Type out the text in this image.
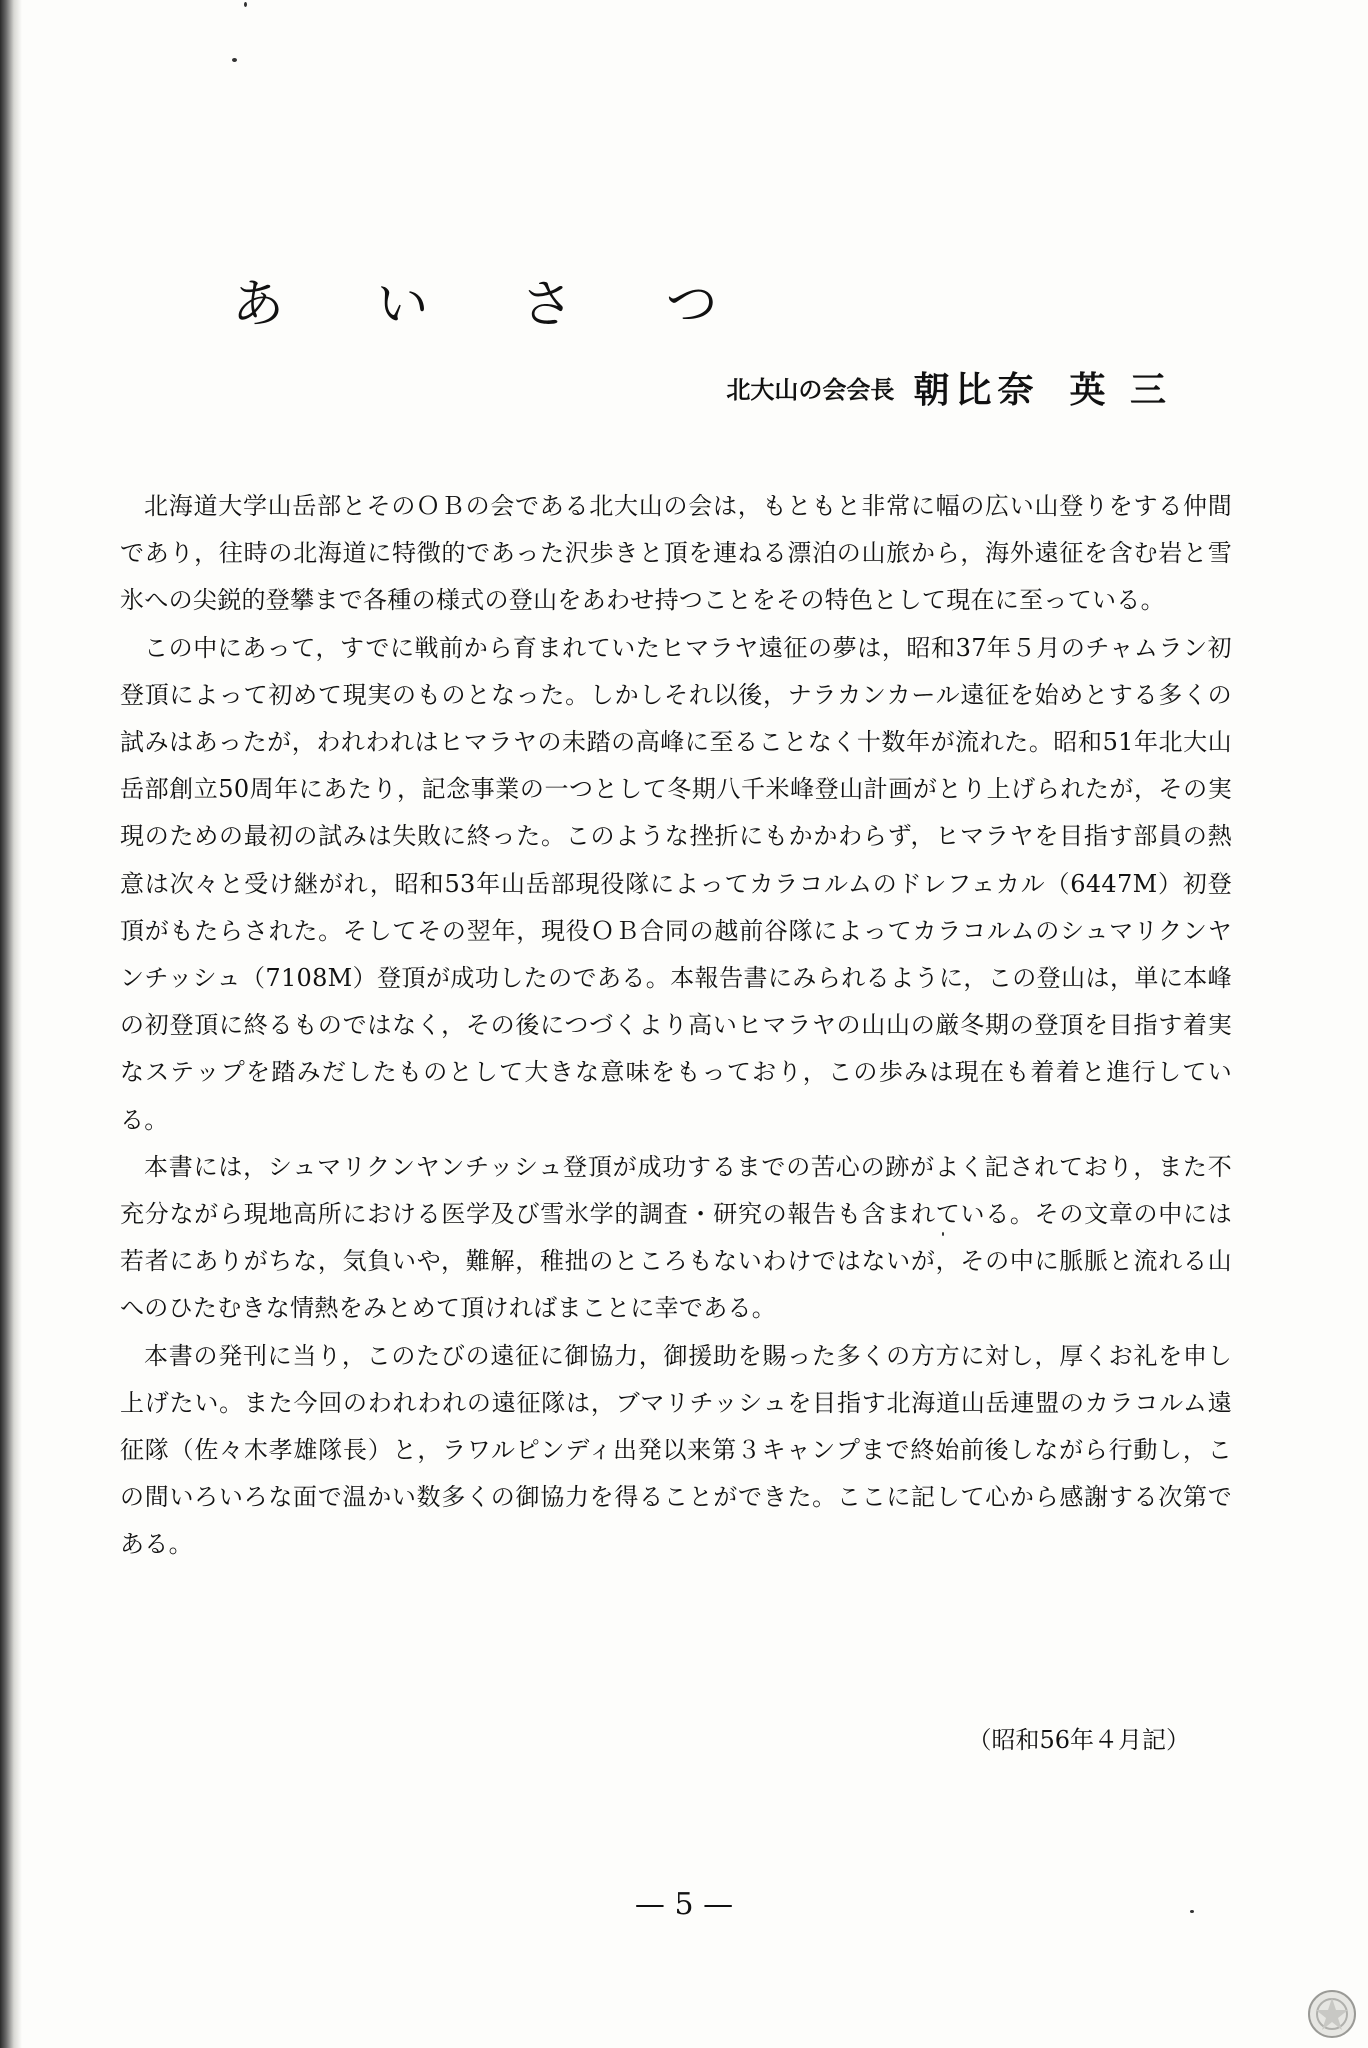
あ い さ つ
北大山の会会長 朝比奈 英 三

北海道大学山岳部とそのＯＢの会である北大山の会は，もともと非常に幅の広い山登りをする仲間であり，往時の北海道に特徴的であった沢歩きと頂を連ねる漂泊の山旅から，海外遠征を含む岩と雪氷への尖鋭的登攀まで各種の様式の登山をあわせ持つことをその特色として現在に至っている。

この中にあって，すでに戦前から育まれていたヒマラヤ遠征の夢は，昭和37年５月のチャムラン初登頂によって初めて現実のものとなった。しかしそれ以後，ナラカンカール遠征を始めとする多くの試みはあったが，われわれはヒマラヤの未踏の高峰に至ることなく十数年が流れた。昭和51年北大山岳部創立50周年にあたり，記念事業の一つとして冬期八千米峰登山計画がとり上げられたが，その実現のための最初の試みは失敗に終った。このような挫折にもかかわらず，ヒマラヤを目指す部員の熱意は次々と受け継がれ，昭和53年山岳部現役隊によってカラコルムのドレフェカル（6447M）初登頂がもたらされた。そしてその翌年，現役ＯＢ合同の越前谷隊によってカラコルムのシュマリクンヤンチッシュ（7108M）登頂が成功したのである。本報告書にみられるように，この登山は，単に本峰の初登頂に終るものではなく，その後につづくより高いヒマラヤの山山の厳冬期の登頂を目指す着実なステップを踏みだしたものとして大きな意味をもっており，この歩みは現在も着着と進行している。

本書には，シュマリクンヤンチッシュ登頂が成功するまでの苦心の跡がよく記されており，また不充分ながら現地高所における医学及び雪氷学的調査・研究の報告も含まれている。その文章の中には若者にありがちな，気負いや，難解，稚拙のところもないわけではないが，その中に脈脈と流れる山へのひたむきな情熱をみとめて頂ければまことに幸である。

本書の発刊に当り，このたびの遠征に御協力，御援助を賜った多くの方方に対し，厚くお礼を申し上げたい。また今回のわれわれの遠征隊は，ブマリチッシュを目指す北海道山岳連盟のカラコルム遠征隊（佐々木孝雄隊長）と，ラワルピンディ出発以来第３キャンプまで終始前後しながら行動し，この間いろいろな面で温かい数多くの御協力を得ることができた。ここに記して心から感謝する次第である。

（昭和56年４月記）
— 5 —
